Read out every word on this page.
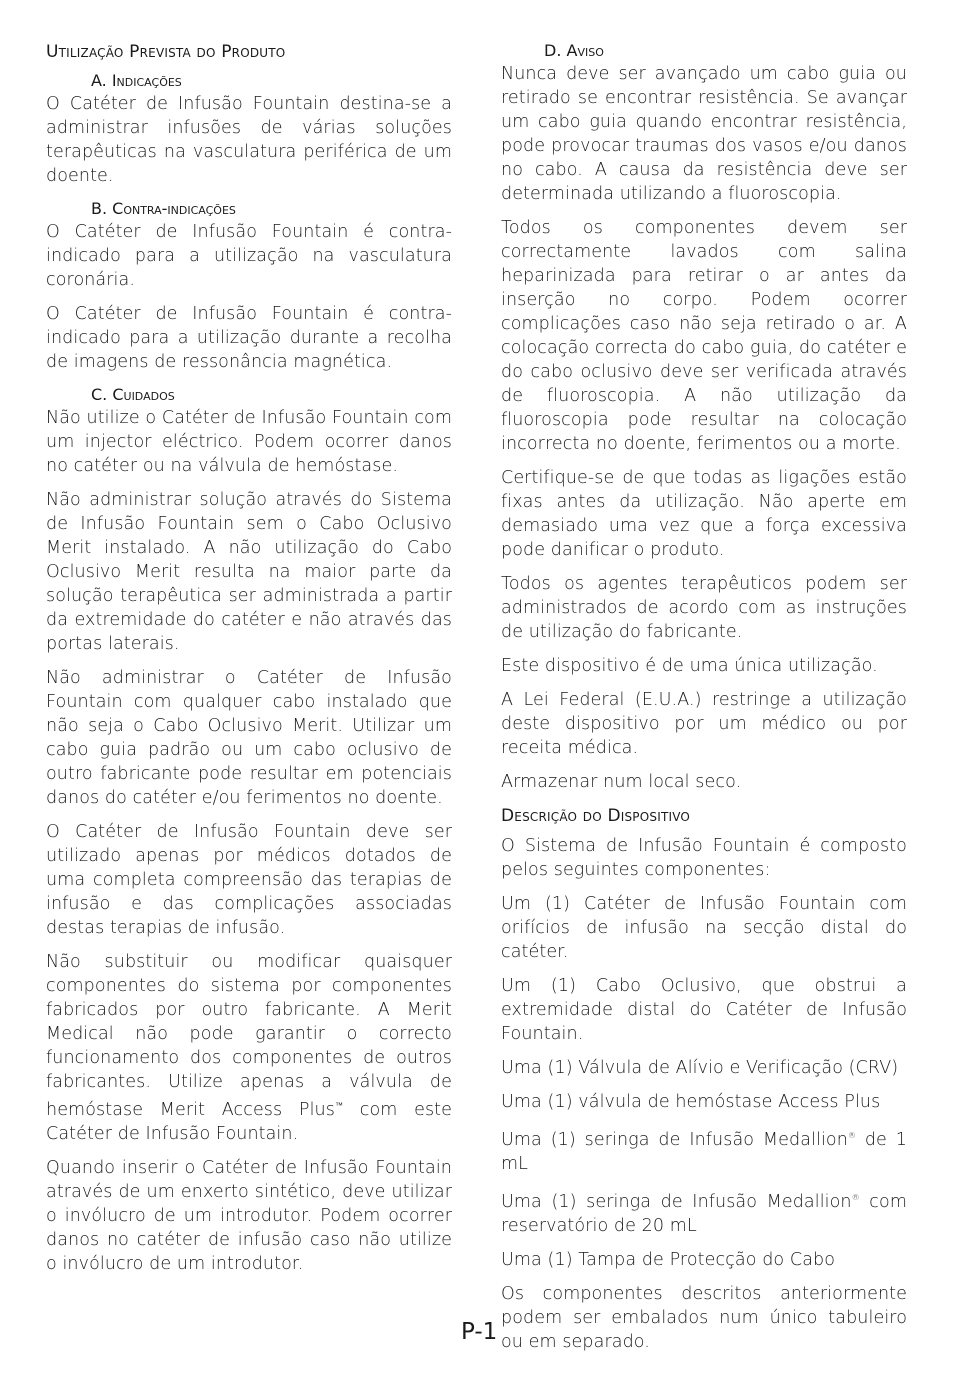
Utilização Prevista do Produto
A. Indicações

O Catéter de Infusão Fountain destina-se a administrar infusões de várias soluções terapêuticas na vasculatura periférica de um doente.

B. Contra-indicações

O Catéter de Infusão Fountain é contra-indicado para a utilização na vasculatura coronária.

O Catéter de Infusão Fountain é contra-indicado para a utilização durante a recolha de imagens de ressonância magnética.

C. Cuidados

Não utilize o Catéter de Infusão Fountain com um injector eléctrico. Podem ocorrer danos no catéter ou na válvula de hemóstase.

Não administrar solução através do Sistema de Infusão Fountain sem o Cabo Oclusivo Merit instalado. A não utilização do Cabo Oclusivo Merit resulta na maior parte da solução terapêutica ser administrada a partir da extremidade do catéter e não através das portas laterais.

Não administrar o Catéter de Infusão Fountain com qualquer cabo instalado que não seja o Cabo Oclusivo Merit. Utilizar um cabo guia padrão ou um cabo oclusivo de outro fabricante pode resultar em potenciais danos do catéter e/ou ferimentos no doente.

O Catéter de Infusão Fountain deve ser utilizado apenas por médicos dotados de uma completa compreensão das terapias de infusão e das complicações associadas destas terapias de infusão.

Não substituir ou modificar quaisquer componentes do sistema por componentes fabricados por outro fabricante. A Merit Medical não pode garantir o correcto funcionamento dos componentes de outros fabricantes. Utilize apenas a válvula de hemóstase Merit Access Plus™ com este Catéter de Infusão Fountain.

Quando inserir o Catéter de Infusão Fountain através de um enxerto sintético, deve utilizar o invólucro de um introdutor. Podem ocorrer danos no catéter de infusão caso não utilize o invólucro de um introdutor.

D. Aviso

Nunca deve ser avançado um cabo guia ou retirado se encontrar resistência. Se avançar um cabo guia quando encontrar resistência, pode provocar traumas dos vasos e/ou danos no cabo. A causa da resistência deve ser determinada utilizando a fluoroscopia.

Todos os componentes devem ser correctamente lavados com salina heparinizada para retirar o ar antes da inserção no corpo. Podem ocorrer complicações caso não seja retirado o ar. A colocação correcta do cabo guia, do catéter e do cabo oclusivo deve ser verificada através de fluoroscopia. A não utilização da fluoroscopia pode resultar na colocação incorrecta no doente, ferimentos ou a morte.

Certifique-se de que todas as ligações estão fixas antes da utilização. Não aperte em demasiado uma vez que a força excessiva pode danificar o produto.

Todos os agentes terapêuticos podem ser administrados de acordo com as instruções de utilização do fabricante.

Este dispositivo é de uma única utilização.

A Lei Federal (E.U.A.) restringe a utilização deste dispositivo por um médico ou por receita médica.

Armazenar num local seco.

Descrição do Dispositivo

O Sistema de Infusão Fountain é composto pelos seguintes componentes:

Um (1) Catéter de Infusão Fountain com orifícios de infusão na secção distal do catéter.

Um (1) Cabo Oclusivo, que obstrui a extremidade distal do Catéter de Infusão Fountain.

Uma (1) Válvula de Alívio e Verificação (CRV)

Uma (1) válvula de hemóstase Access Plus

Uma (1) seringa de Infusão Medallion® de 1 mL

Uma (1) seringa de Infusão Medallion® com reservatório de 20 mL

Uma (1) Tampa de Protecção do Cabo

Os componentes descritos anteriormente podem ser embalados num único tabuleiro ou em separado.

P-1
